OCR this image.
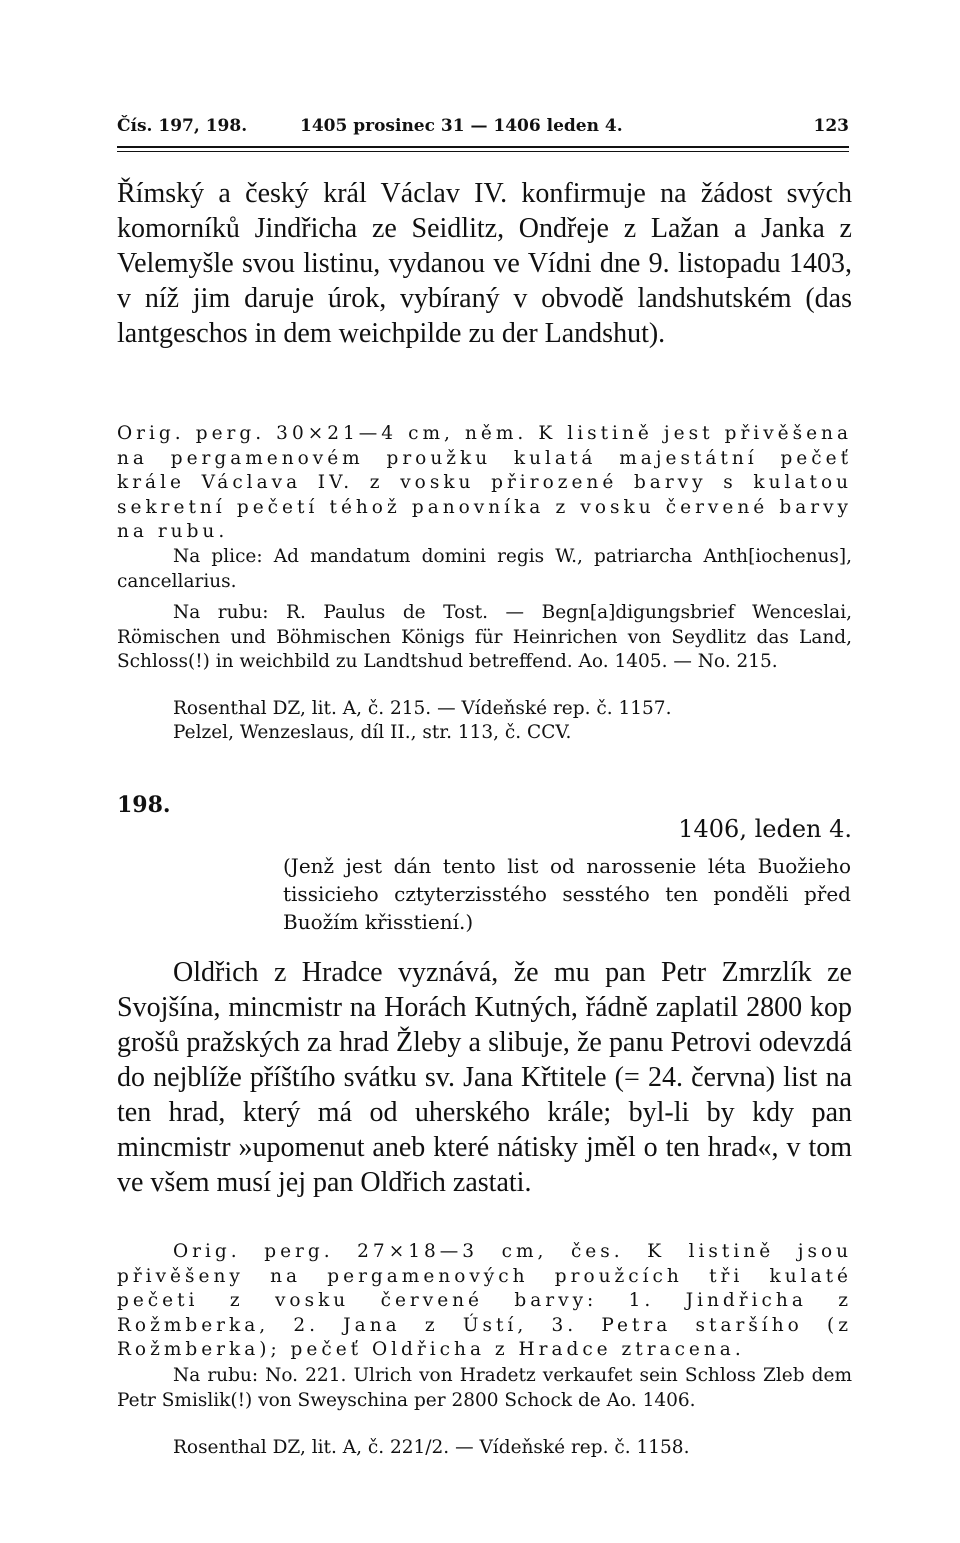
Čís. 197, 198.	1405 prosinec 31 — 1406 leden 4.	123

Římský a český král Václav IV. konfirmuje na žádost svých komorníků Jindřicha ze Seidlitz, Ondřeje z Lažan a Janka z Velemyšle svou listinu, vydanou ve Vídni dne 9. listopadu 1403, v níž jim daruje úrok, vybíraný v obvodě landshutském (das lantgeschos in dem weichpilde zu der Landshut).

Orig. perg. 30×21—4 cm, něm. K listině jest přivěšena na pergamenovém proužku kulatá majestátní pečeť krále Václava IV. z vosku přirozené barvy s kulatou sekretní pečetí téhož panovníka z vosku červené barvy na rubu.

Na plice: Ad mandatum domini regis W., patriarcha Anth[iochenus], cancellarius.

Na rubu: R. Paulus de Tost. — Begn[a]digungsbrief Wenceslai, Römischen und Böhmischen Königs für Heinrichen von Seydlitz das Land, Schloss(!) in weichbild zu Landtshud betreffend. Ao. 1405. — No. 215.

Rosenthal DZ, lit. A, č. 215. — Vídeňské rep. č. 1157.

Pelzel, Wenzeslaus, díl II., str. 113, č. CCV.

198.
1406, leden 4.

(Jenž jest dán tento list od narossenie léta Buožieho tissicieho cztyterzisstého sesstého ten ponděli před Buožím křisstiení.)

Oldřich z Hradce vyznává, že mu pan Petr Zmrzlík ze Svojšína, mincmistr na Horách Kutných, řádně zaplatil 2800 kop grošů pražských za hrad Žleby a slibuje, že panu Petrovi odevzdá do nejblíže příštího svátku sv. Jana Křtitele (= 24. června) list na ten hrad, který má od uherského krále; byl-li by kdy pan mincmistr »upomenut aneb které nátisky jměl o ten hrad«, v tom ve všem musí jej pan Oldřich zastati.

Orig. perg. 27×18—3 cm, čes. K listině jsou přivěšeny na pergamenových proužcích tři kulaté pečeti z vosku červené barvy: 1. Jindřicha z Rožmberka, 2. Jana z Ústí, 3. Petra staršího (z Rožmberka); pečeť Oldřicha z Hradce ztracena.

Na rubu: No. 221. Ulrich von Hradetz verkaufet sein Schloss Zleb dem Petr Smislik(!) von Sweyschina per 2800 Schock de Ao. 1406.

Rosenthal DZ, lit. A, č. 221/2. — Vídeňské rep. č. 1158.
